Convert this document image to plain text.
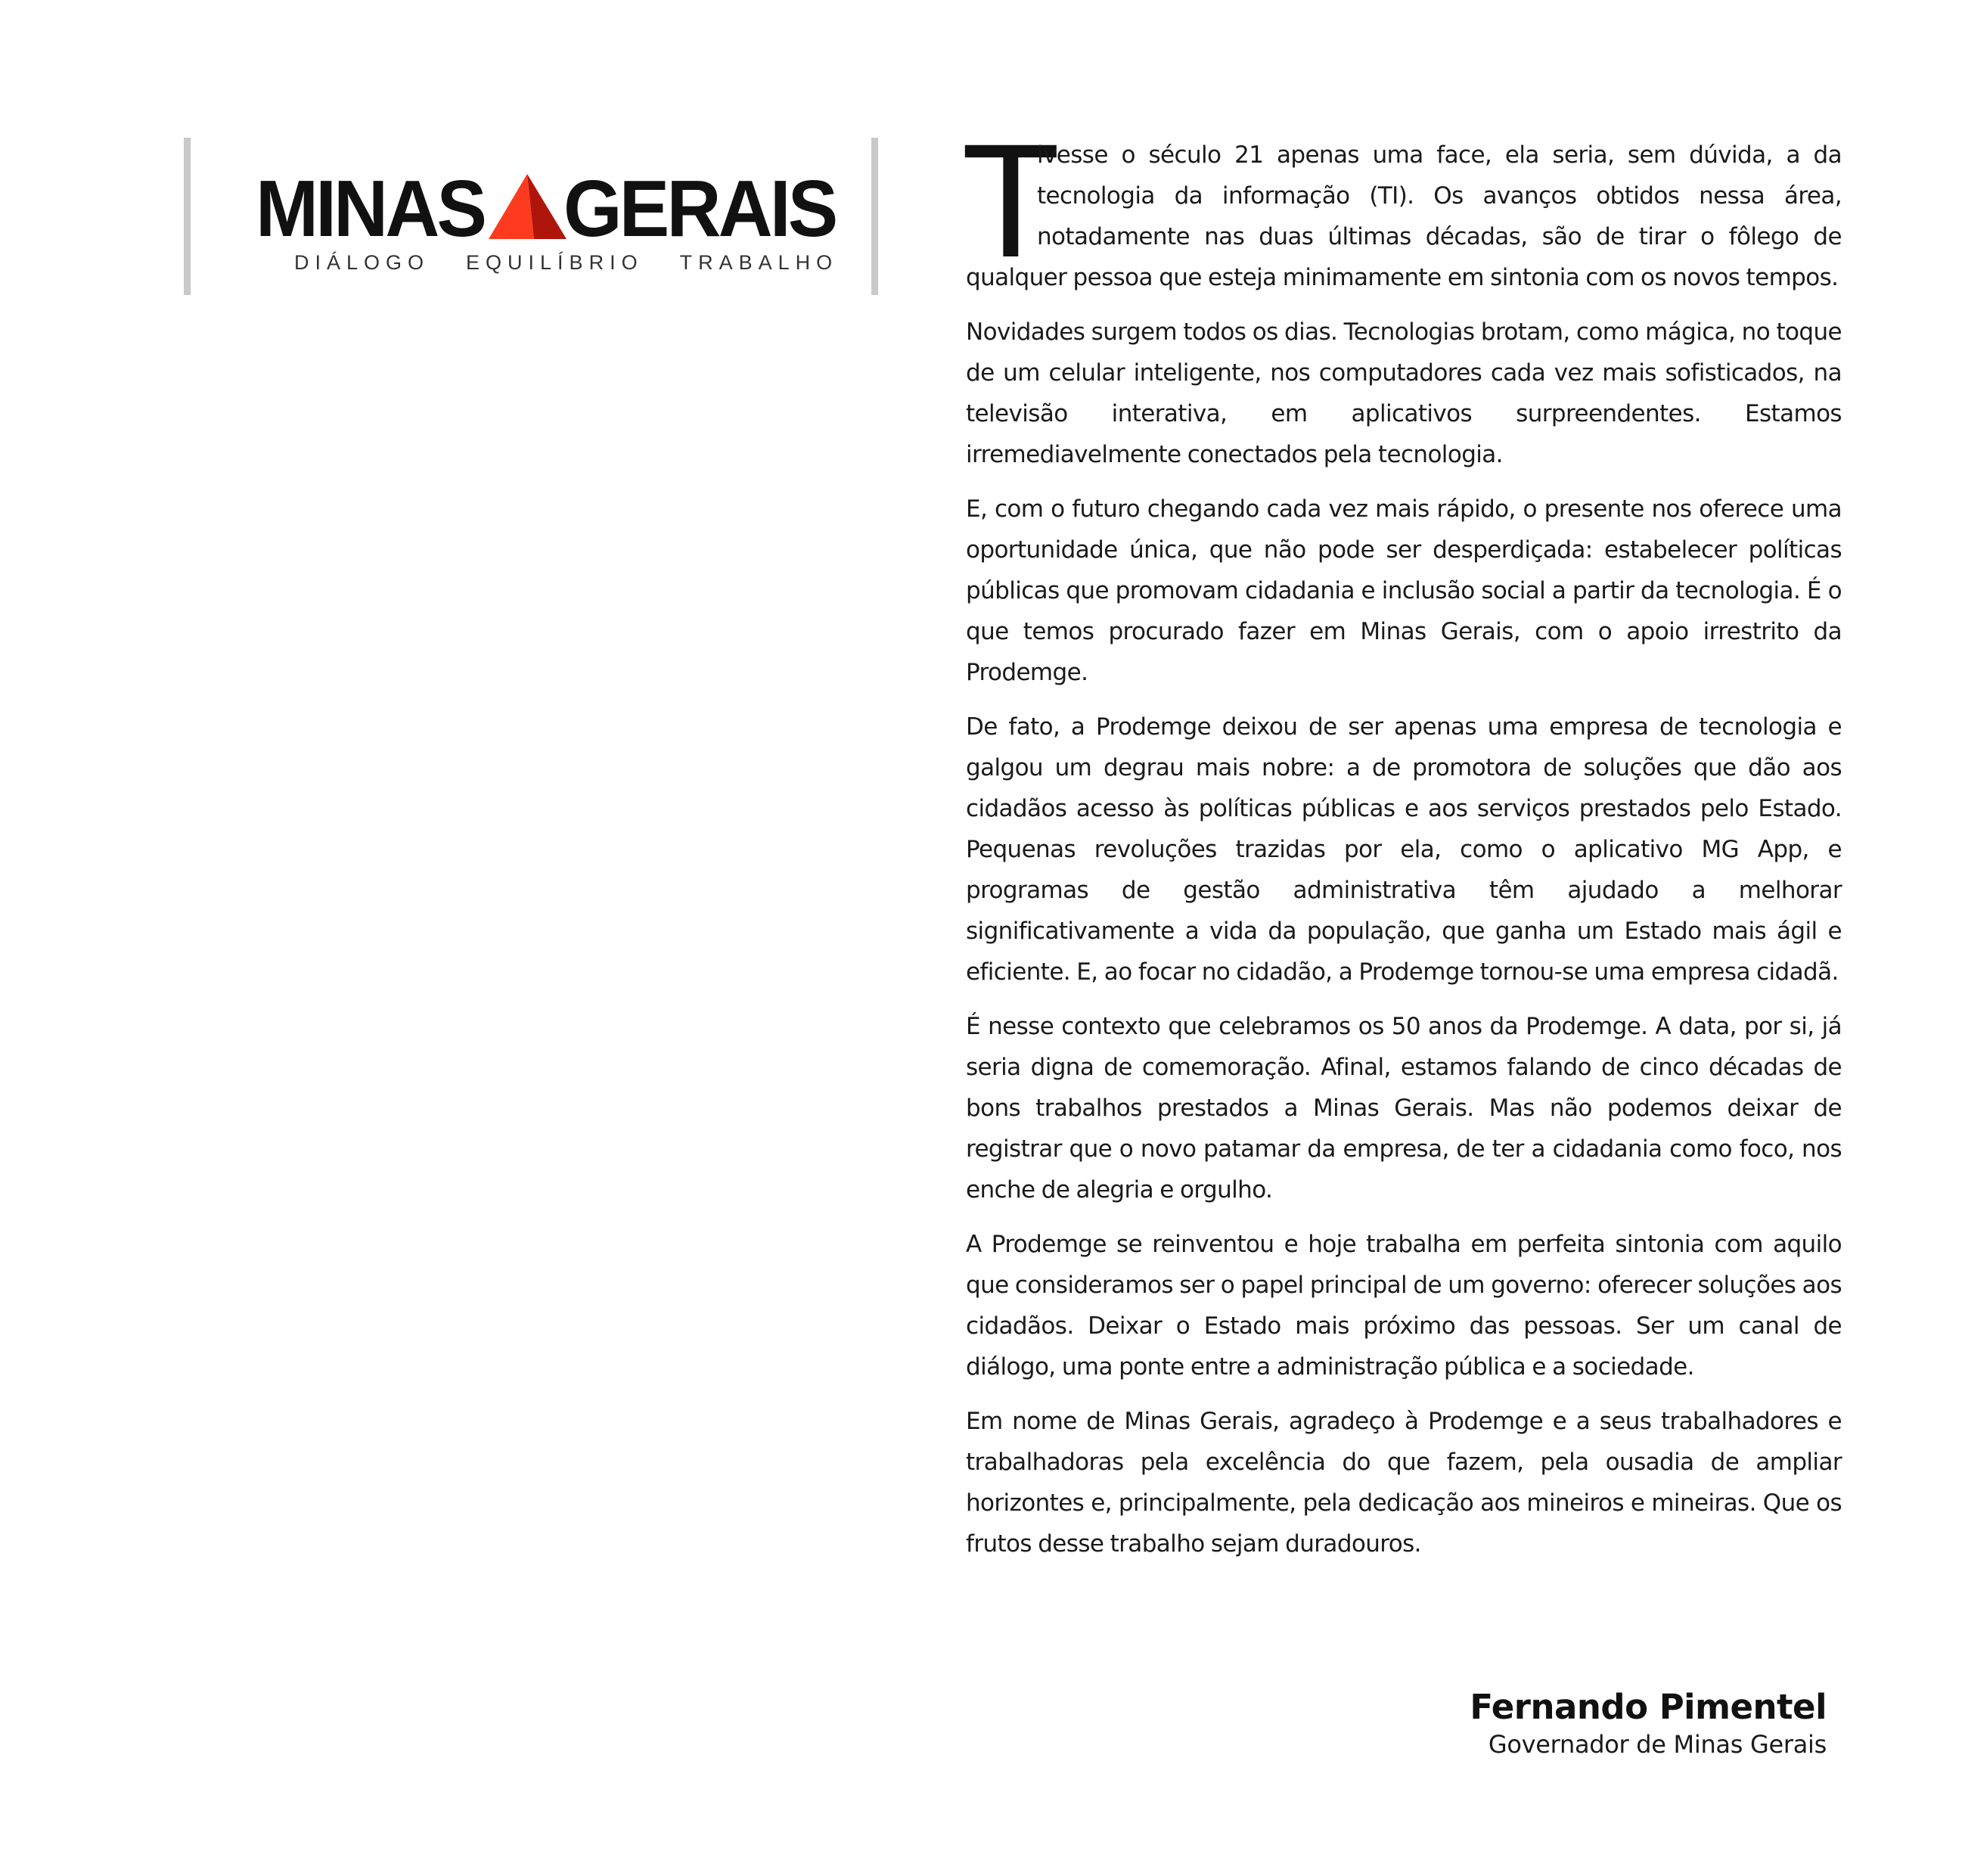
MINAS GERAIS
DIÁLOGO EQUILÍBRIO TRABALHO T
ivesse o século 21 apenas uma face, ela seria, sem dúvida, a da tecnologia da informação (TI). Os avanços obtidos nessa área, notadamente nas duas últimas décadas, são de tirar o fôlego de qualquer pessoa que esteja minimamente em sintonia com os novos tempos.

Novidades surgem todos os dias. Tecnologias brotam, como mágica, no toque de um celular inteligente, nos computadores cada vez mais sofisticados, na televisão interativa, em aplicativos surpreendentes. Estamos irremediavelmente conectados pela tecnologia.

E, com o futuro chegando cada vez mais rápido, o presente nos oferece uma oportunidade única, que não pode ser desperdiçada: estabelecer políticas públicas que promovam cidadania e inclusão social a partir da tecnologia. É o que temos procurado fazer em Minas Gerais, com o apoio irrestrito da Prodemge.

De fato, a Prodemge deixou de ser apenas uma empresa de tecnologia e galgou um degrau mais nobre: a de promotora de soluções que dão aos cidadãos acesso às políticas públicas e aos serviços prestados pelo Estado. Pequenas revoluções trazidas por ela, como o aplicativo MG App, e programas de gestão administrativa têm ajudado a melhorar significativamente a vida da população, que ganha um Estado mais ágil e eficiente. E, ao focar no cidadão, a Prodemge tornou-se uma empresa cidadã.

É nesse contexto que celebramos os 50 anos da Prodemge. A data, por si, já seria digna de comemoração. Afinal, estamos falando de cinco décadas de bons trabalhos prestados a Minas Gerais. Mas não podemos deixar de registrar que o novo patamar da empresa, de ter a cidadania como foco, nos enche de alegria e orgulho.

A Prodemge se reinventou e hoje trabalha em perfeita sintonia com aquilo que consideramos ser o papel principal de um governo: oferecer soluções aos cidadãos. Deixar o Estado mais próximo das pessoas. Ser um canal de diálogo, uma ponte entre a administração pública e a sociedade.

Em nome de Minas Gerais, agradeço à Prodemge e a seus trabalhadores e trabalhadoras pela excelência do que fazem, pela ousadia de ampliar horizontes e, principalmente, pela dedicação aos mineiros e mineiras. Que os frutos desse trabalho sejam duradouros.

Fernando Pimentel
Governador de Minas Gerais
